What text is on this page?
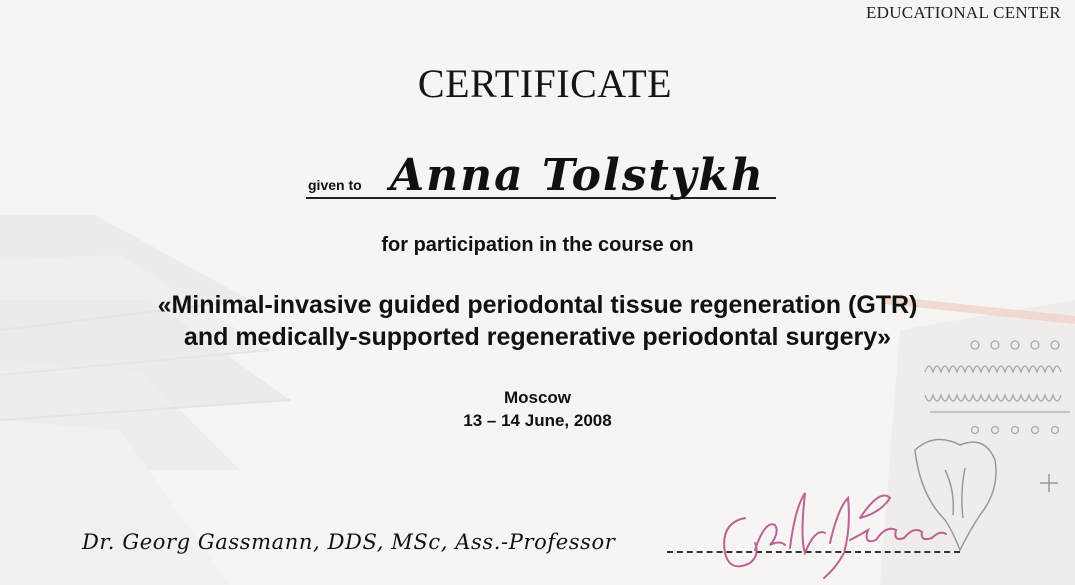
EDUCATIONAL CENTER
CERTIFICATE
given to Anna Tolstykh
for participation in the course on
«Minimal-invasive guided periodontal tissue regeneration (GTR)
and medically-supported regenerative periodontal surgery»
Moscow
13 – 14 June, 2008
Dr. Georg Gassmann, DDS, MSc, Ass.-Professor
